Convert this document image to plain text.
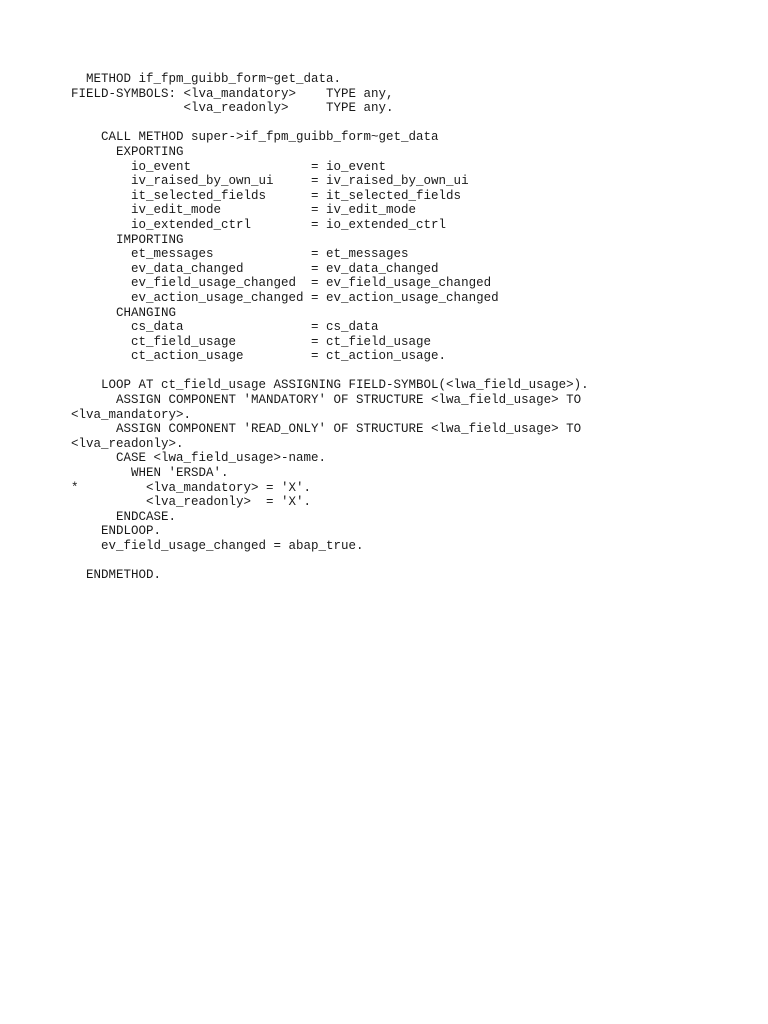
METHOD if_fpm_guibb_form~get_data.
FIELD-SYMBOLS: <lva_mandatory>    TYPE any,
<lva_readonly>     TYPE any.
CALL METHOD super->if_fpm_guibb_form~get_data
EXPORTING
io_event                = io_event
iv_raised_by_own_ui     = iv_raised_by_own_ui
it_selected_fields      = it_selected_fields
iv_edit_mode            = iv_edit_mode
io_extended_ctrl        = io_extended_ctrl
IMPORTING
et_messages             = et_messages
ev_data_changed         = ev_data_changed
ev_field_usage_changed  = ev_field_usage_changed
ev_action_usage_changed = ev_action_usage_changed
CHANGING
cs_data                 = cs_data
ct_field_usage          = ct_field_usage
ct_action_usage         = ct_action_usage.
LOOP AT ct_field_usage ASSIGNING FIELD-SYMBOL(<lwa_field_usage>).
ASSIGN COMPONENT 'MANDATORY' OF STRUCTURE <lwa_field_usage> TO
<lva_mandatory>.
ASSIGN COMPONENT 'READ_ONLY' OF STRUCTURE <lwa_field_usage> TO
<lva_readonly>.
CASE <lwa_field_usage>-name.
WHEN 'ERSDA'.
*         <lva_mandatory> = 'X'.
<lva_readonly>  = 'X'.
ENDCASE.
ENDLOOP.
ev_field_usage_changed = abap_true.
ENDMETHOD.
